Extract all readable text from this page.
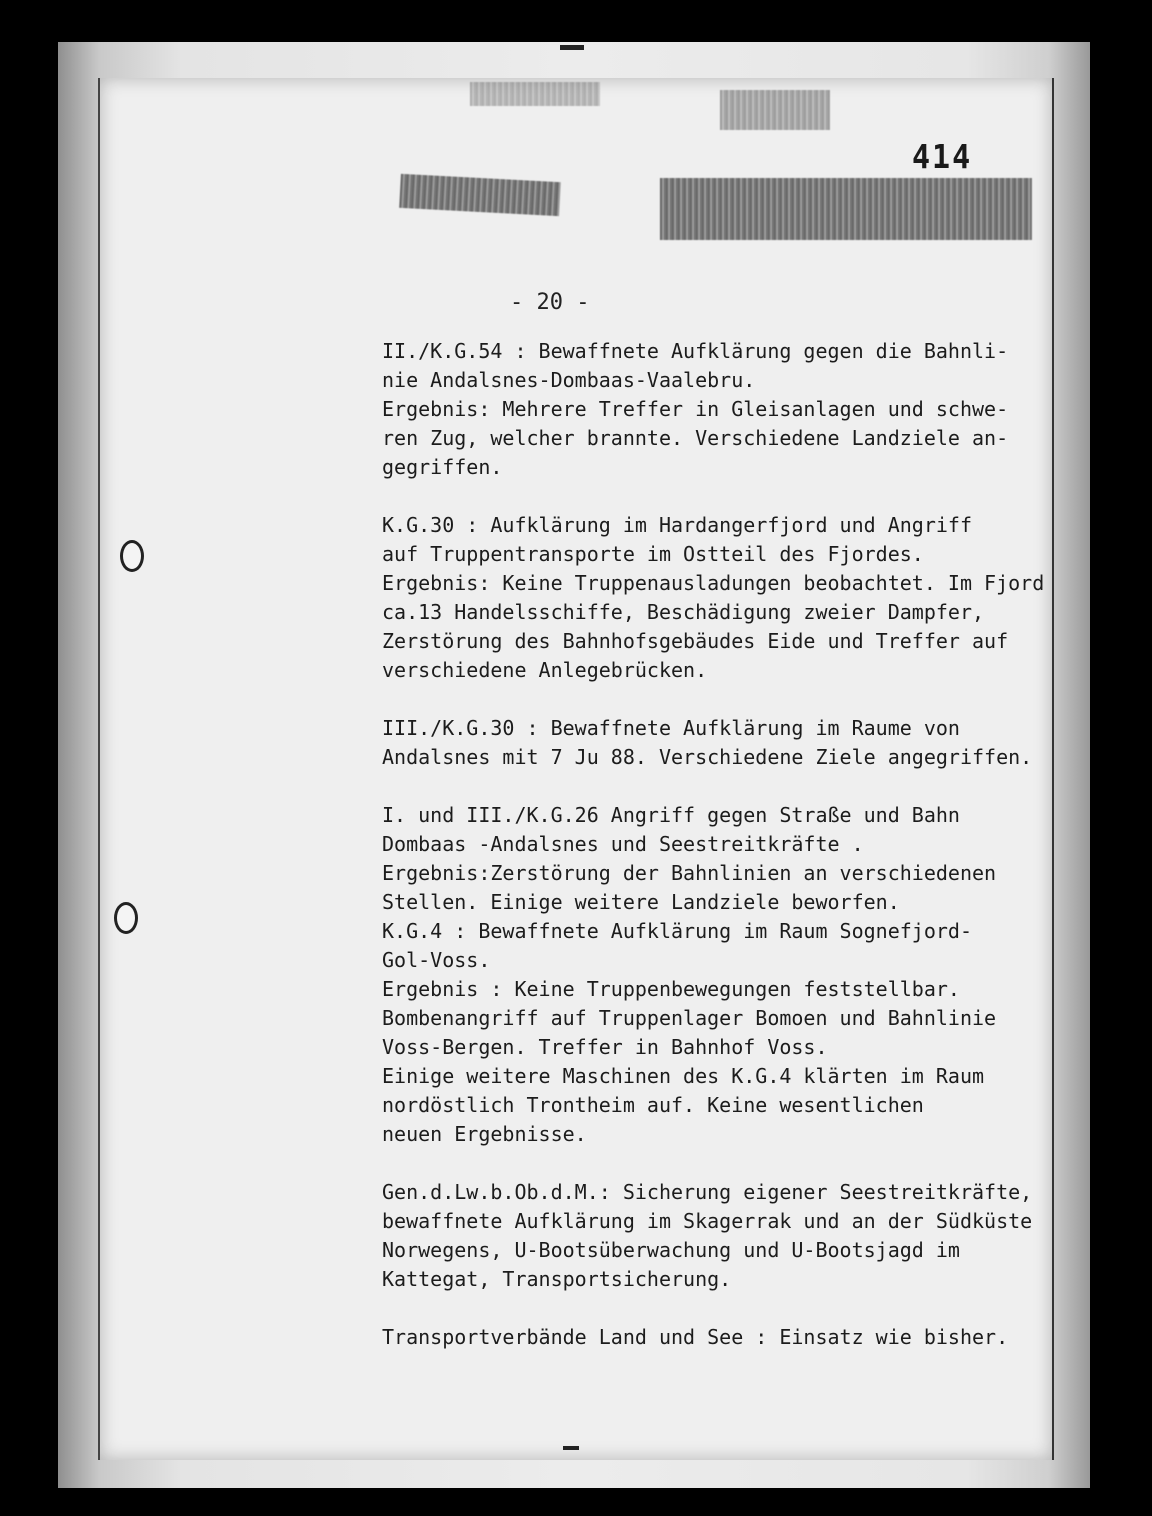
414
- 20 -
II./K.G.54 : Bewaffnete Aufklärung gegen die Bahnli-
nie Andalsnes-Dombaas-Vaalebru.
Ergebnis: Mehrere Treffer in Gleisanlagen und schwe-
ren Zug, welcher brannte. Verschiedene Landziele an-
gegriffen.
K.G.30 : Aufklärung im Hardangerfjord und Angriff
auf Truppentransporte im Ostteil des Fjordes.
Ergebnis: Keine Truppenausladungen beobachtet. Im Fjord
ca.13 Handelsschiffe, Beschädigung zweier Dampfer,
Zerstörung des Bahnhofsgebäudes Eide und Treffer auf
verschiedene Anlegebrücken.
III./K.G.30 : Bewaffnete Aufklärung im Raume von
Andalsnes mit 7 Ju 88. Verschiedene Ziele angegriffen.
I. und III./K.G.26 Angriff gegen Straße und Bahn
Dombaas -Andalsnes und Seestreitkräfte .
Ergebnis:Zerstörung der Bahnlinien an verschiedenen
Stellen. Einige weitere Landziele beworfen.
K.G.4 : Bewaffnete Aufklärung im Raum Sognefjord-
Gol-Voss.
Ergebnis : Keine Truppenbewegungen feststellbar.
Bombenangriff auf Truppenlager Bomoen und Bahnlinie
Voss-Bergen. Treffer in Bahnhof Voss.
Einige weitere Maschinen des K.G.4 klärten im Raum
nordöstlich Trontheim auf. Keine wesentlichen
neuen Ergebnisse.
Gen.d.Lw.b.Ob.d.M.: Sicherung eigener Seestreitkräfte,
bewaffnete Aufklärung im Skagerrak und an der Südküste
Norwegens, U-Bootsüberwachung und U-Bootsjagd im
Kattegat, Transportsicherung.
Transportverbände Land und See : Einsatz wie bisher.
